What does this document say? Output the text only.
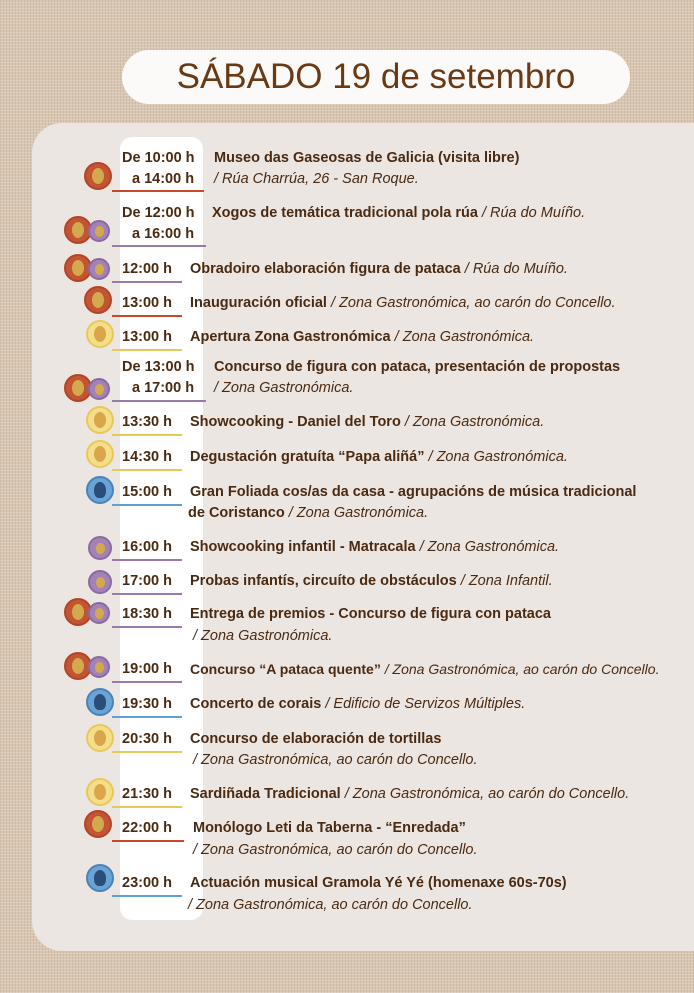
SÁBADO 19 de setembro
De 10:00 h
a 14:00 h
Museo das Gaseosas de Galicia (visita libre)
/ Rúa Charrúa, 26 - San Roque.
De 12:00 h
a 16:00 h
Xogos de temática tradicional pola rúa / Rúa do Muíño.
12:00 h Obradoiro elaboración figura de pataca / Rúa do Muíño.
13:00 h Inauguración oficial / Zona Gastronómica, ao carón do Concello.
13:00 h Apertura Zona Gastronómica / Zona Gastronómica.
De 13:00 h
a 17:00 h
Concurso de figura con pataca, presentación de propostas
/ Zona Gastronómica.
13:30 h Showcooking - Daniel del Toro / Zona Gastronómica.
14:30 h Degustación gratuíta “Papa aliñá” / Zona Gastronómica.
15:00 h Gran Foliada cos/as da casa - agrupacións de música tradicional
de Coristanco / Zona Gastronómica.
16:00 h Showcooking infantil - Matracala / Zona Gastronómica.
17:00 h Probas infantís, circuíto de obstáculos / Zona Infantil.
18:30 h Entrega de premios - Concurso de figura con pataca
/ Zona Gastronómica.
19:00 h Concurso “A pataca quente” / Zona Gastronómica, ao carón do Concello.
19:30 h Concerto de corais / Edificio de Servizos Múltiples.
20:30 h Concurso de elaboración de tortillas
/ Zona Gastronómica, ao carón do Concello.
21:30 h Sardiñada Tradicional / Zona Gastronómica, ao carón do Concello.
22:00 h Monólogo Leti da Taberna - “Enredada”
/ Zona Gastronómica, ao carón do Concello.
23:00 h Actuación musical Gramola Yé Yé (homenaxe 60s-70s)
/ Zona Gastronómica, ao carón do Concello.
